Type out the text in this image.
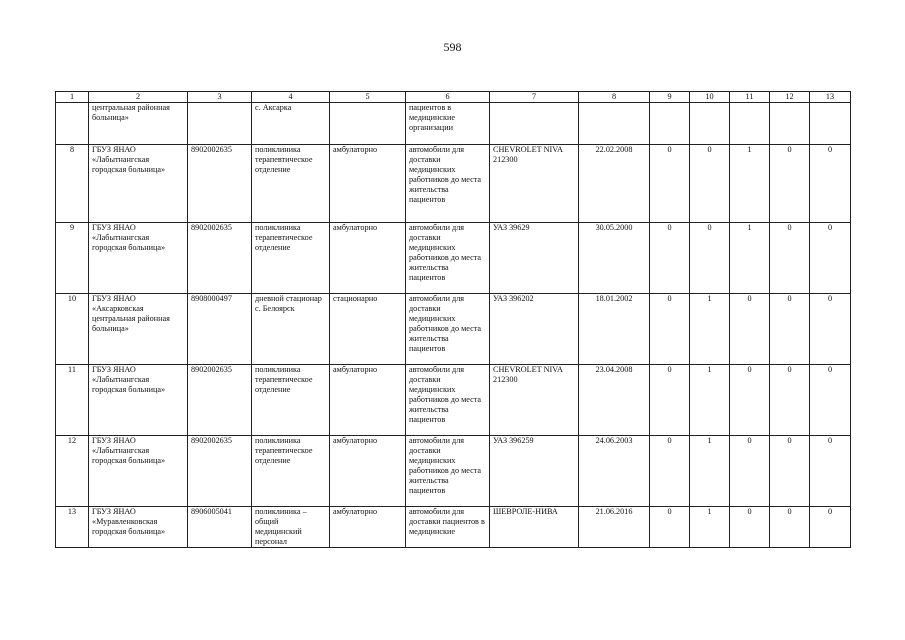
598
1	2	3	4	5	6	7	8	9	10	11	12	13
	центральная районная больница»		с. Аксарка		пациентов в медицинские организации							
8	ГБУЗ ЯНАО «Лабытнангская городская больница»	8902002635	поликлиника терапевтическое отделение	амбулаторно	автомобили для доставки медицинских работников до места жительства пациентов	CHEVROLET NIVA 212300	22.02.2008	0	0	1	0	0
9	ГБУЗ ЯНАО «Лабытнангская городская больница»	8902002635	поликлиника терапевтическое отделение	амбулаторно	автомобили для доставки медицинских работников до места жительства пациентов	УАЗ 39629	30.05.2000	0	0	1	0	0
10	ГБУЗ ЯНАО «Аксарковская центральная районная больница»	8908000497	дневной стационар с. Белоярск	стационарно	автомобили для доставки медицинских работников до места жительства пациентов	УАЗ 396202	18.01.2002	0	1	0	0	0
11	ГБУЗ ЯНАО «Лабытнангская городская больница»	8902002635	поликлиника терапевтическое отделение	амбулаторно	автомобили для доставки медицинских работников до места жительства пациентов	CHEVROLET NIVA 212300	23.04.2008	0	1	0	0	0
12	ГБУЗ ЯНАО «Лабытнангская городская больница»	8902002635	поликлиника терапевтическое отделение	амбулаторно	автомобили для доставки медицинских работников до места жительства пациентов	УАЗ 396259	24.06.2003	0	1	0	0	0
13	ГБУЗ ЯНАО «Муравленковская городская больница»	8906005041	поликлиника – общий медицинский персонал	амбулаторно	автомобили для доставки пациентов в медицинские	ШЕВРОЛЕ-НИВА	21.06.2016	0	1	0	0	0
